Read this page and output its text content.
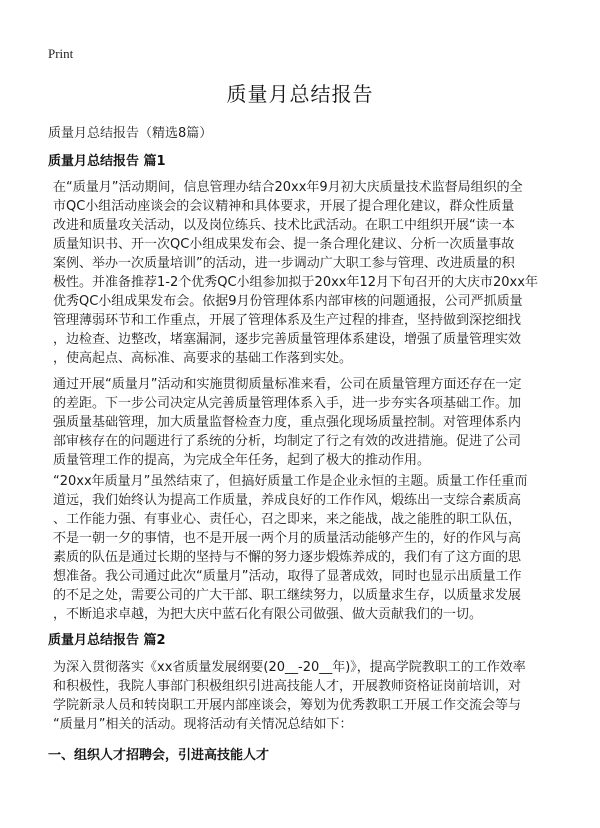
Print
质量月总结报告
质量月总结报告（精选8篇）
质量月总结报告 篇1
在“质量月”活动期间，信息管理办结合20xx年9月初大庆质量技术监督局组织的全
市QC小组活动座谈会的会议精神和具体要求，开展了提合理化建议，群众性质量
改进和质量攻关活动，以及岗位练兵、技术比武活动。在职工中组织开展“读一本
质量知识书、开一次QC小组成果发布会、提一条合理化建议、分析一次质量事故
案例、举办一次质量培训”的活动，进一步调动广大职工参与管理、改进质量的积
极性。并准备推荐1-2个优秀QC小组参加拟于20xx年12月下旬召开的大庆市20xx年
优秀QC小组成果发布会。依据9月份管理体系内部审核的问题通报，公司严抓质量
管理薄弱环节和工作重点，开展了管理体系及生产过程的排查，坚持做到深挖细找
，边检查、边整改，堵塞漏洞，逐步完善质量管理体系建设，增强了质量管理实效
，使高起点、高标准、高要求的基础工作落到实处。
通过开展“质量月”活动和实施贯彻质量标准来看，公司在质量管理方面还存在一定
的差距。下一步公司决定从完善质量管理体系入手，进一步夯实各项基础工作。加
强质量基础管理，加大质量监督检查力度，重点强化现场质量控制。对管理体系内
部审核存在的问题进行了系统的分析，均制定了行之有效的改进措施。促进了公司
质量管理工作的提高，为完成全年任务，起到了极大的推动作用。
“20xx年质量月”虽然结束了，但搞好质量工作是企业永恒的主题。质量工作任重而
道远，我们始终认为提高工作质量，养成良好的工作作风，煅练出一支综合素质高
、工作能力强、有事业心、责任心，召之即来，来之能战，战之能胜的职工队伍，
不是一朝一夕的事情，也不是开展一两个月的质量活动能够产生的，好的作风与高
素质的队伍是通过长期的坚持与不懈的努力逐步煅炼养成的，我们有了这方面的思
想准备。我公司通过此次“质量月”活动，取得了显著成效，同时也显示出质量工作
的不足之处，需要公司的广大干部、职工继续努力，以质量求生存，以质量求发展
，不断追求卓越，为把大庆中蓝石化有限公司做强、做大贡献我们的一切。
质量月总结报告 篇2
为深入贯彻落实《xx省质量发展纲要(20__-20__年)》，提高学院教职工的工作效率
和积极性，我院人事部门积极组织引进高技能人才，开展教师资格证岗前培训，对
学院新录人员和转岗职工开展内部座谈会，筹划为优秀教职工开展工作交流会等与
“质量月”相关的活动。现将活动有关情况总结如下：
一、组织人才招聘会，引进高技能人才
